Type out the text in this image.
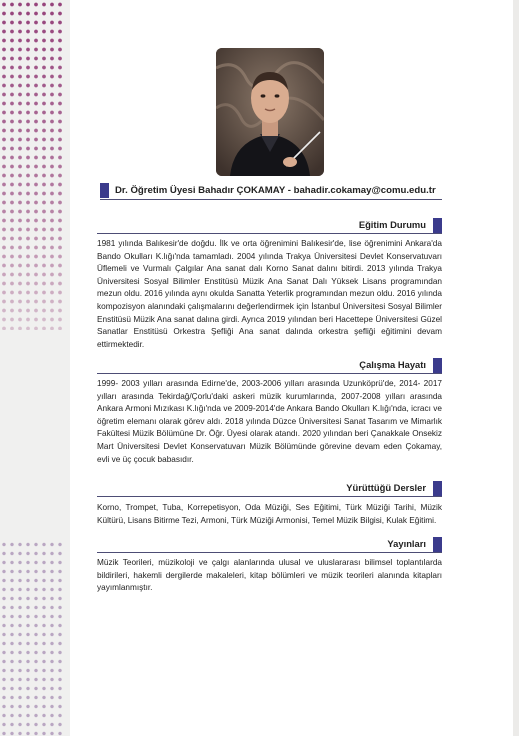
Dr. Öğretim Üyesi Bahadır ÇOKAMAY - bahadir.cokamay@comu.edu.tr
Eğitim Durumu

1981 yılında Balıkesir'de doğdu. İlk ve orta öğrenimini Balıkesir'de, lise öğrenimini Ankara'da Bando Okulları K.lığı'nda tamamladı. 2004 yılında Trakya Üniversitesi Devlet Konservatuvarı Üflemeli ve Vurmalı Çalgılar Ana sanat dalı Korno Sanat dalını bitirdi. 2013 yılında Trakya Üniversitesi Sosyal Bilimler Enstitüsü Müzik Ana Sanat Dalı Yüksek Lisans programından mezun oldu. 2016 yılında aynı okulda Sanatta Yeterlik programından mezun oldu. 2016 yılında kompozisyon alanındaki çalışmalarını değerlendirmek için İstanbul Üniversitesi Sosyal Bilimler Enstitüsü Müzik Ana sanat dalına girdi. Ayrıca 2019 yılından beri Hacettepe Üniversitesi Güzel Sanatlar Enstitüsü Orkestra Şefliği Ana sanat dalında orkestra şefliği eğitimini devam ettirmektedir.

Çalışma Hayatı

1999- 2003 yılları arasında Edirne'de, 2003-2006 yılları arasında Uzunköprü'de, 2014- 2017 yılları arasında Tekirdağ/Çorlu'daki askeri müzik kurumlarında, 2007-2008 yılları arasında Ankara Armoni Mızıkası K.lığı'nda ve 2009-2014'de Ankara Bando Okulları K.lığı'nda, icracı ve öğretim elemanı olarak görev aldı. 2018 yılında Düzce Üniversitesi Sanat Tasarım ve Mimarlık Fakültesi Müzik Bölümüne Dr. Öğr. Üyesi olarak atandı. 2020 yılından beri Çanakkale Onsekiz Mart Üniversitesi Devlet Konservatuvarı Müzik Bölümünde görevine devam eden Çokamay, evli ve üç çocuk babasıdır.

Yürüttüğü Dersler

Korno, Trompet, Tuba, Korrepetisyon, Oda Müziği, Ses Eğitimi, Türk Müziği Tarihi, Müzik Kültürü, Lisans Bitirme Tezi, Armoni, Türk Müziği Armonisi, Temel Müzik Bilgisi, Kulak Eğitimi.

Yayınları

Müzik Teorileri, müzikoloji ve çalgı alanlarında ulusal ve uluslararası bilimsel toplantılarda bildirileri, hakemli dergilerde makaleleri, kitap bölümleri ve müzik teorileri alanında kitapları yayımlanmıştır.
